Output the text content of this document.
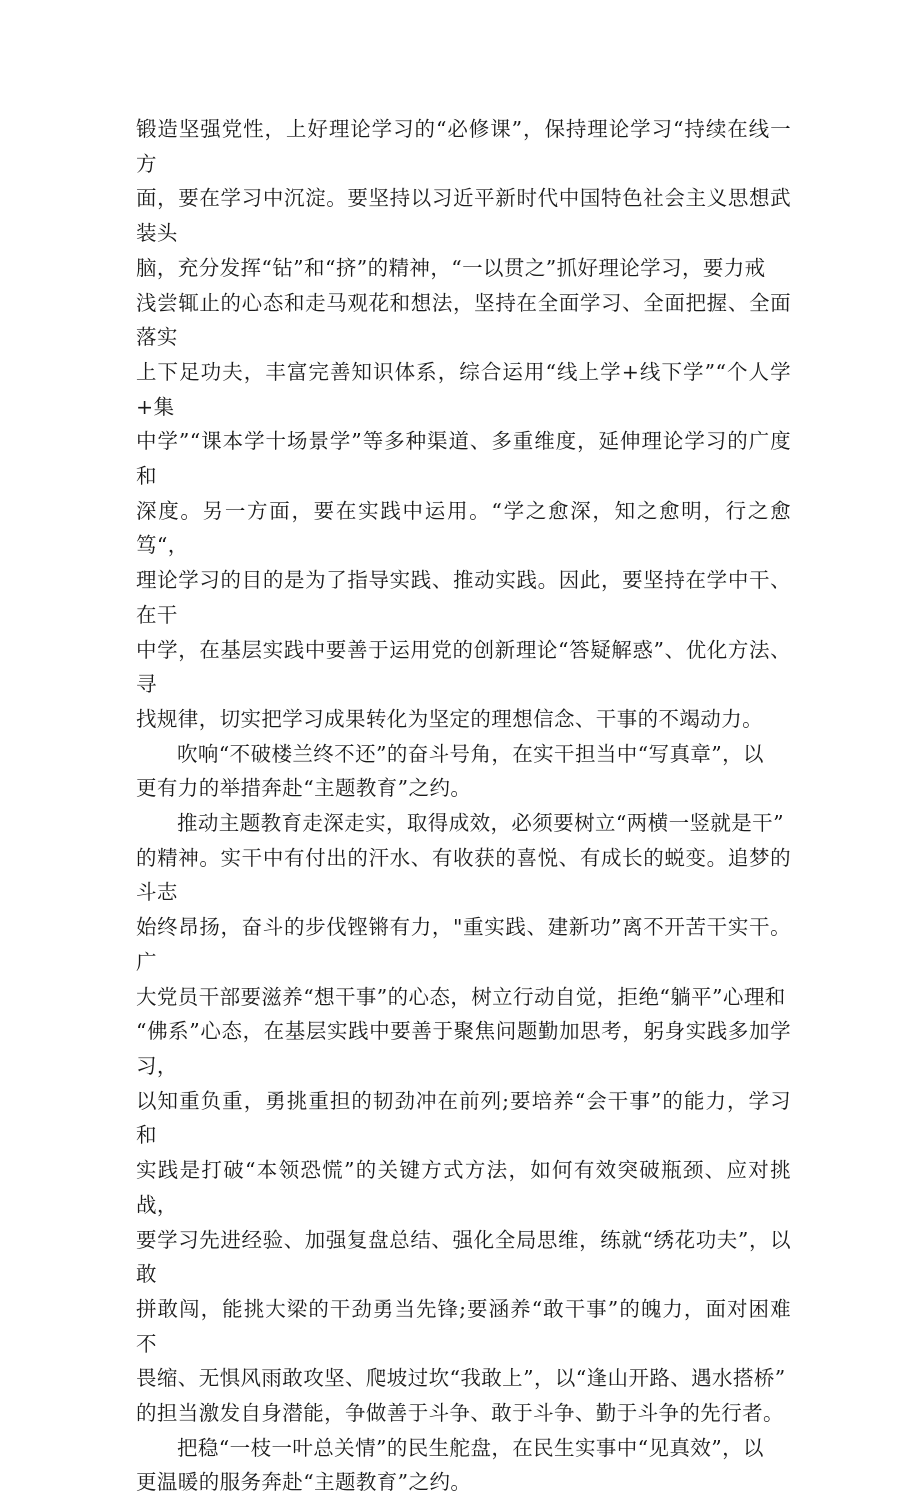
锻造坚强党性，上好理论学习的“必修课”，保持理论学习“持续在线一方
面，要在学习中沉淀。要坚持以习近平新时代中国特色社会主义思想武装头
脑，充分发挥“钻”和“挤”的精神，“一以贯之”抓好理论学习，要力戒
浅尝辄止的心态和走马观花和想法，坚持在全面学习、全面把握、全面落实
上下足功夫，丰富完善知识体系，综合运用“线上学+线下学”“个人学+集
中学”“课本学十场景学”等多种渠道、多重维度，延伸理论学习的广度和
深度。另一方面，要在实践中运用。“学之愈深，知之愈明，行之愈笃“，
理论学习的目的是为了指导实践、推动实践。因此，要坚持在学中干、在干
中学，在基层实践中要善于运用党的创新理论“答疑解惑”、优化方法、寻
找规律，切实把学习成果转化为坚定的理想信念、干事的不竭动力。

吹响“不破楼兰终不还”的奋斗号角，在实干担当中“写真章”，以
更有力的举措奔赴“主题教育”之约。

推动主题教育走深走实，取得成效，必须要树立“两横一竖就是干”
的精神。实干中有付出的汗水、有收获的喜悦、有成长的蜕变。追梦的斗志
始终昂扬，奋斗的步伐铿锵有力，"重实践、建新功”离不开苦干实干。广
大党员干部要滋养“想干事”的心态，树立行动自觉，拒绝“躺平”心理和
“佛系”心态，在基层实践中要善于聚焦问题勤加思考，躬身实践多加学习，
以知重负重，勇挑重担的韧劲冲在前列;要培养“会干事”的能力，学习和
实践是打破“本领恐慌”的关键方式方法，如何有效突破瓶颈、应对挑战，
要学习先进经验、加强复盘总结、强化全局思维，练就“绣花功夫”，以敢
拼敢闯，能挑大梁的干劲勇当先锋;要涵养“敢干事”的魄力，面对困难不
畏缩、无惧风雨敢攻坚、爬坡过坎“我敢上”，以“逢山开路、遇水搭桥”
的担当激发自身潜能，争做善于斗争、敢于斗争、勤于斗争的先行者。

把稳“一枝一叶总关情”的民生舵盘，在民生实事中“见真效”，以
更温暖的服务奔赴“主题教育”之约。
